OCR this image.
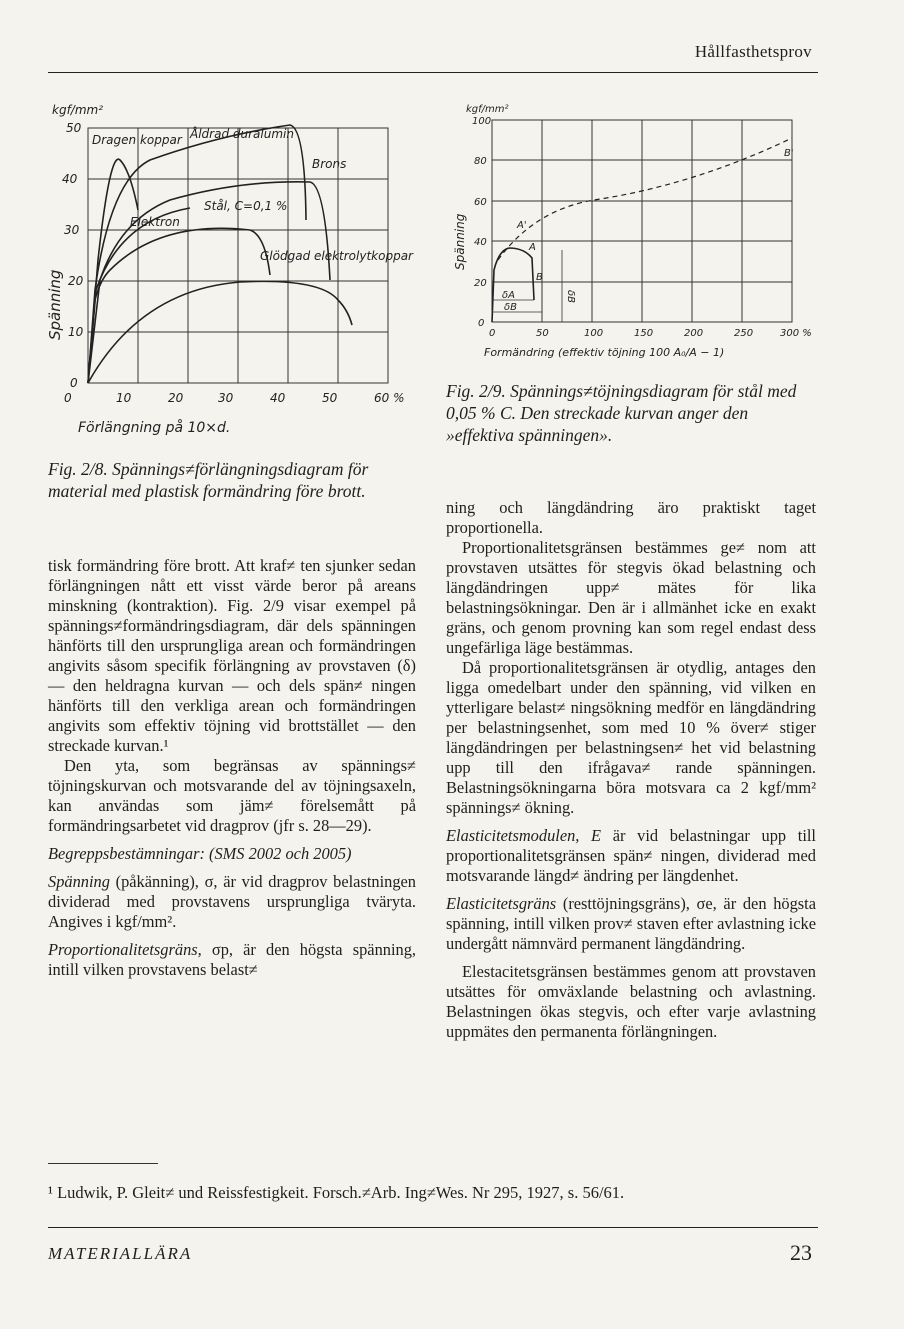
Hållfasthetsprov
Dragen koppar Åldrad duralumin
Brons
Stål, C=0,1 %
Elektron
Glödgad elektrolytkoppar
kgf/mm²
50
40
30
20
10
0
0	10	20	30	40	50	60 %
Spänning
Förlängning på 10×d.
Fig. 2/8. Spännings≠förlängningsdiagram för material med plastisk formändring före brott.
B'
A'
A
B
δA
δB
δB
kgf/mm²
100
80
60
40
20
0
0	50	100	150	200	250	300 %
Spänning
Formändring (effektiv töjning 100 A₀/A − 1)
Fig. 2/9. Spännings≠töjningsdiagram för stål med 0,05 % C. Den streckade kurvan anger den »effektiva spänningen».

tisk formändring före brott. Att kraf≠ ten sjunker sedan förlängningen nått ett visst värde beror på areans minskning (kontraktion). Fig. 2/9 visar exempel på spännings≠formändringsdiagram, där dels spänningen hänförts till den ursprungliga arean och formändringen angivits såsom specifik förlängning av provstaven (δ) — den heldragna kurvan — och dels spän≠ ningen hänförts till den verkliga arean och formändringen angivits som effektiv töjning vid brottstället — den streckade kurvan.¹

Den yta, som begränsas av spännings≠ töjningskurvan och motsvarande del av töjningsaxeln, kan användas som jäm≠ förelsemått på formändringsarbetet vid dragprov (jfr s. 28—29).

Begreppsbestämningar: (SMS 2002 och 2005)

Spänning (påkänning), σ, är vid dragprov belastningen dividerad med provstavens ursprungliga tväryta. Angives i kgf/mm².

Proportionalitetsgräns, σp, är den högsta spänning, intill vilken provstavens belast≠

ning och längdändring äro praktiskt taget proportionella.

Proportionalitetsgränsen bestämmes ge≠ nom att provstaven utsättes för stegvis ökad belastning och längdändringen upp≠ mätes för lika belastningsökningar. Den är i allmänhet icke en exakt gräns, och genom provning kan som regel endast dess ungefärliga läge bestämmas.

Då proportionalitetsgränsen är otydlig, antages den ligga omedelbart under den spänning, vid vilken en ytterligare belast≠ ningsökning medför en längdändring per belastningsenhet, som med 10 % över≠ stiger längdändringen per belastningsen≠ het vid belastning upp till den ifrågava≠ rande spänningen. Belastningsökningarna böra motsvara ca 2 kgf/mm² spännings≠ ökning.

Elasticitetsmodulen, E är vid belastningar upp till proportionalitetsgränsen spän≠ ningen, dividerad med motsvarande längd≠ ändring per längdenhet.

Elasticitetsgräns (resttöjningsgräns), σe, är den högsta spänning, intill vilken prov≠ staven efter avlastning icke undergått nämnvärd permanent längdändring.

Elestacitetsgränsen bestämmes genom att provstaven utsättes för omväxlande belastning och avlastning. Belastningen ökas stegvis, och efter varje avlastning uppmätes den permanenta förlängningen.

¹ Ludwik, P. Gleit≠ und Reissfestigkeit. Forsch.≠Arb. Ing≠Wes. Nr 295, 1927, s. 56/61.
MATERIALLÄRA	23
